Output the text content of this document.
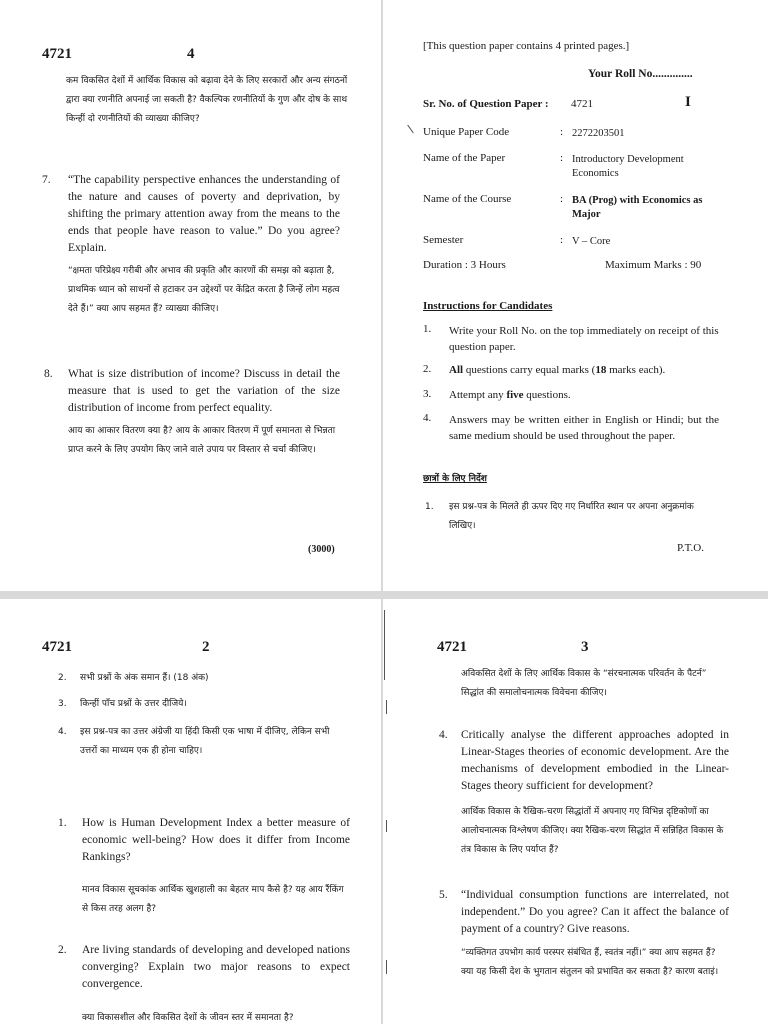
4721	4
कम विकसित देशों में आर्थिक विकास को बढ़ावा देने के लिए सरकारों और अन्य संगठनों द्वारा क्या रणनीति अपनाई जा सकती है? वैकल्पिक रणनीतियों के गुण और दोष के साथ किन्हीं दो रणनीतियों की व्याख्या कीजिए?
7. “The capability perspective enhances the understanding of the nature and causes of poverty and deprivation, by shifting the primary attention away from the means to the ends that people have reason to value.” Do you agree? Explain.
“क्षमता परिप्रेक्ष्य गरीबी और अभाव की प्रकृति और कारणों की समझ को बढ़ाता है, प्राथमिक ध्यान को साधनों से हटाकर उन उद्देश्यों पर केंद्रित करता है जिन्हें लोग महत्व देते हैं।” क्या आप सहमत हैं? व्याख्या कीजिए।
8. What is size distribution of income? Discuss in detail the measure that is used to get the variation of the size distribution of income from perfect equality.
आय का आकार वितरण क्या है? आय के आकार वितरण में पूर्ण समानता से भिन्नता प्राप्त करने के लिए उपयोग किए जाने वाले उपाय पर विस्तार से चर्चा कीजिए।
(3000)
[This question paper contains 4 printed pages.]
Your Roll No..............
Sr. No. of Question Paper : 4721	I
Unique Paper Code	: 2272203501
Name of the Paper	: Introductory Development Economics
Name of the Course	: BA (Prog) with Economics as Major
Semester	: V – Core
Duration : 3 Hours	Maximum Marks : 90
Instructions for Candidates
1. Write your Roll No. on the top immediately on receipt of this question paper.
2. All questions carry equal marks (18 marks each).
3. Attempt any five questions.
4. Answers may be written either in English or Hindi; but the same medium should be used throughout the paper.
छात्रों के लिए निर्देश
1. इस प्रश्न-पत्र के मिलते ही ऊपर दिए गए निर्धारित स्थान पर अपना अनुक्रमांक लिखिए।
P.T.O.
4721	2
2. सभी प्रश्नों के अंक समान हैं। (18 अंक)
3. किन्हीं पाँच प्रश्नों के उत्तर दीजिये।
4. इस प्रश्न-पत्र का उत्तर अंग्रेजी या हिंदी किसी एक भाषा में दीजिए, लेकिन सभी उत्तरों का माध्यम एक ही होना चाहिए।
1. How is Human Development Index a better measure of economic well-being? How does it differ from Income Rankings?
मानव विकास सूचकांक आर्थिक खुशहाली का बेहतर माप कैसे है? यह आय रैंकिंग से किस तरह अलग है?
2. Are living standards of developing and developed nations converging? Explain two major reasons to expect convergence.
क्या विकासशील और विकसित देशों के जीवन स्तर में समानता है?
4721	3
अविकसित देशों के लिए आर्थिक विकास के “संरचनात्मक परिवर्तन के पैटर्न” सिद्धांत की समालोचनात्मक विवेचना कीजिए।
4. Critically analyse the different approaches adopted in Linear-Stages theories of economic development. Are the mechanisms of development embodied in the Linear-Stages theory sufficient for development?
आर्थिक विकास के रैखिक-चरण सिद्धांतों में अपनाए गए विभिन्न दृष्टिकोणों का आलोचनात्मक विश्लेषण कीजिए। क्या रैखिक-चरण सिद्धांत में सन्निहित विकास के तंत्र विकास के लिए पर्याप्त हैं?
5. “Individual consumption functions are interrelated, not independent.” Do you agree? Can it affect the balance of payment of a country? Give reasons.
“व्यक्तिगत उपभोग कार्य परस्पर संबंधित हैं, स्वतंत्र नहीं।” क्या आप सहमत हैं? क्या यह किसी देश के भुगतान संतुलन को प्रभावित कर सकता है? कारण बताइं।
